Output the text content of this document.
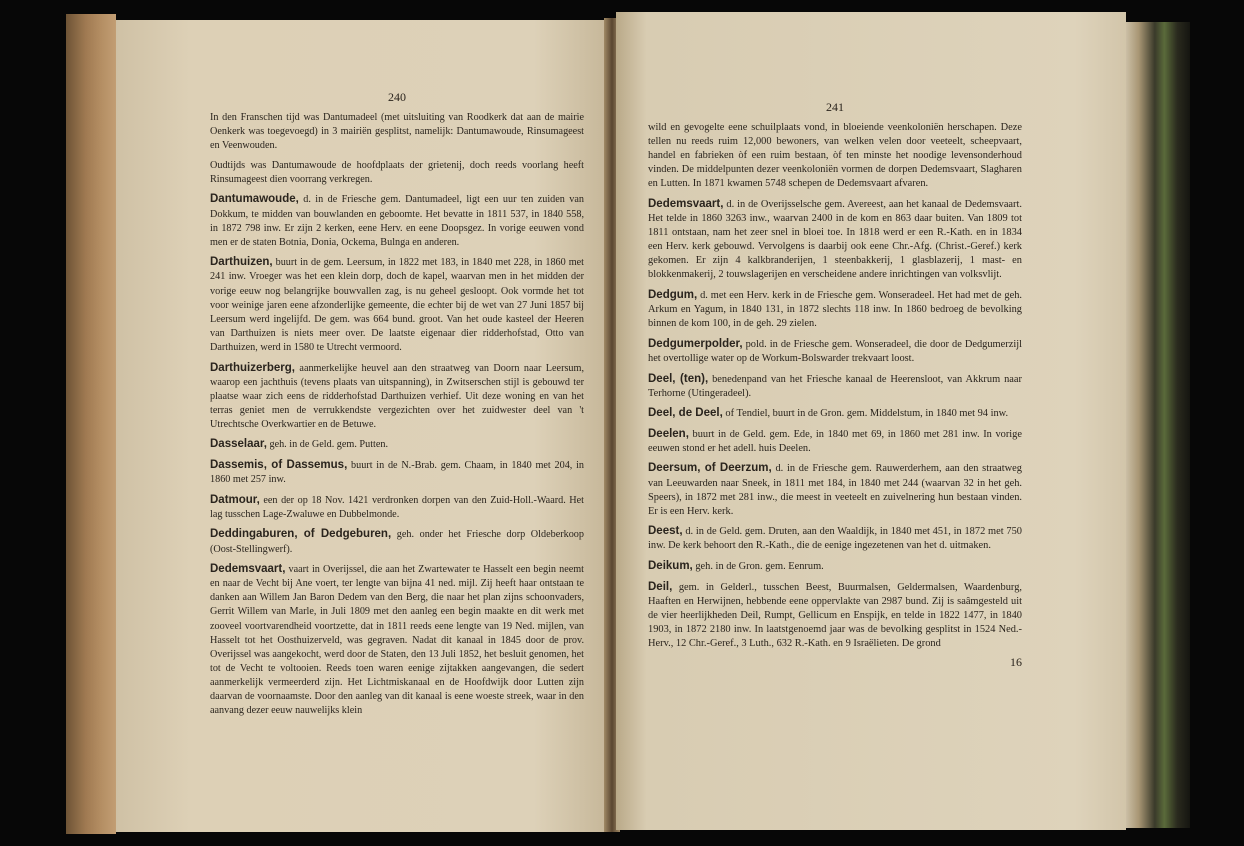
240

In den Franschen tijd was Dantumadeel (met uitsluiting van Roodkerk dat aan de mairie Oenkerk was toegevoegd) in 3 mairiën gesplitst, namelijk: Dantumawoude, Rinsumageest en Veenwouden.

Oudtijds was Dantumawoude de hoofdplaats der grietenij, doch reeds voorlang heeft Rinsumageest dien voorrang verkregen.

Dantumawoude, d. in de Friesche gem. Dantumadeel, ligt een uur ten zuiden van Dokkum, te midden van bouwlanden en geboomte. Het bevatte in 1811 537, in 1840 558, in 1872 798 inw. Er zijn 2 kerken, eene Herv. en eene Doopsgez. In vorige eeuwen vond men er de staten Botnia, Donia, Ockema, Bulnga en anderen.

Darthuizen, buurt in de gem. Leersum, in 1822 met 183, in 1840 met 228, in 1860 met 241 inw. Vroeger was het een klein dorp, doch de kapel, waarvan men in het midden der vorige eeuw nog belangrijke bouwvallen zag, is nu geheel gesloopt. Ook vormde het tot voor weinige jaren eene afzonderlijke gemeente, die echter bij de wet van 27 Juni 1857 bij Leersum werd ingelijfd. De gem. was 664 bund. groot. Van het oude kasteel der Heeren van Darthuizen is niets meer over. De laatste eigenaar dier ridderhofstad, Otto van Darthuizen, werd in 1580 te Utrecht vermoord.

Darthuizerberg, aanmerkelijke heuvel aan den straatweg van Doorn naar Leersum, waarop een jachthuis (tevens plaats van uitspanning), in Zwitserschen stijl is gebouwd ter plaatse waar zich eens de ridderhofstad Darthuizen verhief. Uit deze woning en van het terras geniet men de verrukkendste vergezichten over het zuidwester deel van 't Utrechtsche Overkwartier en de Betuwe.

Dasselaar, geh. in de Geld. gem. Putten.

Dassemis, of Dassemus, buurt in de N.-Brab. gem. Chaam, in 1840 met 204, in 1860 met 257 inw.

Datmour, een der op 18 Nov. 1421 verdronken dorpen van den Zuid-Holl.-Waard. Het lag tusschen Lage-Zwaluwe en Dubbelmonde.

Deddingaburen, of Dedgeburen, geh. onder het Friesche dorp Oldeberkoop (Oost-Stellingwerf).

Dedemsvaart, vaart in Overijssel, die aan het Zwartewater te Hasselt een begin neemt en naar de Vecht bij Ane voert, ter lengte van bijna 41 ned. mijl. Zij heeft haar ontstaan te danken aan Willem Jan Baron Dedem van den Berg, die naar het plan zijns schoonvaders, Gerrit Willem van Marle, in Juli 1809 met den aanleg een begin maakte en dit werk met zooveel voortvarendheid voortzette, dat in 1811 reeds eene lengte van 19 Ned. mijlen, van Hasselt tot het Oosthuizerveld, was gegraven. Nadat dit kanaal in 1845 door de prov. Overijssel was aangekocht, werd door de Staten, den 13 Juli 1852, het besluit genomen, het tot de Vecht te voltooien. Reeds toen waren eenige zijtakken aangevangen, die sedert aanmerkelijk vermeerderd zijn. Het Lichtmiskanaal en de Hoofdwijk door Lutten zijn daarvan de voornaamste. Door den aanleg van dit kanaal is eene woeste streek, waar in den aanvang dezer eeuw nauwelijks klein

241

wild en gevogelte eene schuilplaats vond, in bloeiende veenkoloniën herschapen. Deze tellen nu reeds ruim 12,000 bewoners, van welken velen door veeteelt, scheepvaart, handel en fabrieken òf een ruim bestaan, òf ten minste het noodige levensonderhoud vinden. De middelpunten dezer veenkoloniën vormen de dorpen Dedemsvaart, Slagharen en Lutten. In 1871 kwamen 5748 schepen de Dedemsvaart afvaren.

Dedemsvaart, d. in de Overijsselsche gem. Avereest, aan het kanaal de Dedemsvaart. Het telde in 1860 3263 inw., waarvan 2400 in de kom en 863 daar buiten. Van 1809 tot 1811 ontstaan, nam het zeer snel in bloei toe. In 1818 werd er een R.-Kath. en in 1834 een Herv. kerk gebouwd. Vervolgens is daarbij ook eene Chr.-Afg. (Christ.-Geref.) kerk gekomen. Er zijn 4 kalkbranderijen, 1 steenbakkerij, 1 glasblazerij, 1 mast- en blokkenmakerij, 2 touwslagerijen en verscheidene andere inrichtingen van volksvlijt.

Dedgum, d. met een Herv. kerk in de Friesche gem. Wonseradeel. Het had met de geh. Arkum en Yagum, in 1840 131, in 1872 slechts 118 inw. In 1860 bedroeg de bevolking binnen de kom 100, in de geh. 29 zielen.

Dedgumerpolder, pold. in de Friesche gem. Wonseradeel, die door de Dedgumerzijl het overtollige water op de Workum-Bolswarder trekvaart loost.

Deel, (ten), benedenpand van het Friesche kanaal de Heerensloot, van Akkrum naar Terhorne (Utingeradeel).

Deel, de Deel, of Tendiel, buurt in de Gron. gem. Middelstum, in 1840 met 94 inw.

Deelen, buurt in de Geld. gem. Ede, in 1840 met 69, in 1860 met 281 inw. In vorige eeuwen stond er het adell. huis Deelen.

Deersum, of Deerzum, d. in de Friesche gem. Rauwerderhem, aan den straatweg van Leeuwarden naar Sneek, in 1811 met 184, in 1840 met 244 (waarvan 32 in het geh. Speers), in 1872 met 281 inw., die meest in veeteelt en zuivelnering hun bestaan vinden. Er is een Herv. kerk.

Deest, d. in de Geld. gem. Druten, aan den Waaldijk, in 1840 met 451, in 1872 met 750 inw. De kerk behoort den R.-Kath., die de eenige ingezetenen van het d. uitmaken.

Deikum, geh. in de Gron. gem. Eenrum.

Deil, gem. in Gelderl., tusschen Beest, Buurmalsen, Geldermalsen, Waardenburg, Haaften en Herwijnen, hebbende eene oppervlakte van 2987 bund. Zij is saâmgesteld uit de vier heerlijkheden Deil, Rumpt, Gellicum en Enspijk, en telde in 1822 1477, in 1840 1903, in 1872 2180 inw. In laatstgenoemd jaar was de bevolking gesplitst in 1524 Ned.-Herv., 12 Chr.-Geref., 3 Luth., 632 R.-Kath. en 9 Israëlieten. De grond

16
